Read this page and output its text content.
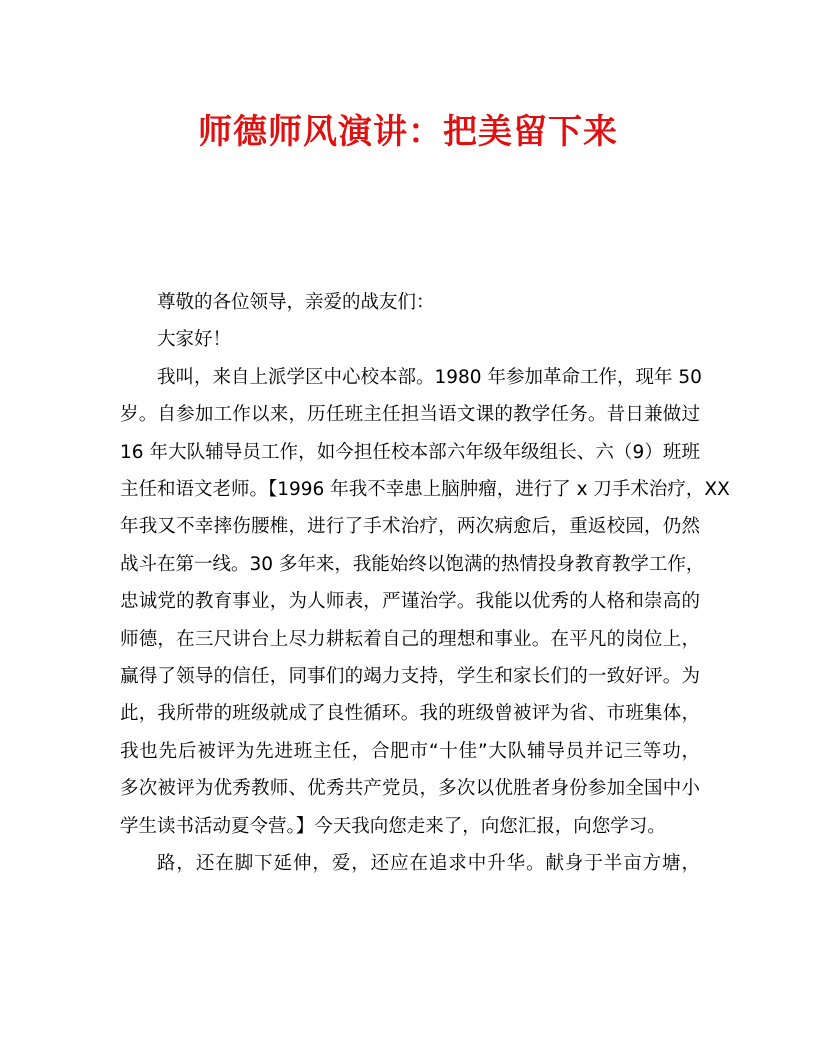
师德师风演讲：把美留下来
尊敬的各位领导，亲爱的战友们：
大家好！
我叫，来自上派学区中心校本部。1980 年参加革命工作，现年 50
岁。自参加工作以来，历任班主任担当语文课的教学任务。昔日兼做过
16 年大队辅导员工作，如今担任校本部六年级年级组长、六（9）班班
主任和语文老师。【1996 年我不幸患上脑肿瘤，进行了 x 刀手术治疗，XX
年我又不幸摔伤腰椎，进行了手术治疗，两次病愈后，重返校园，仍然
战斗在第一线。30 多年来，我能始终以饱满的热情投身教育教学工作，
忠诚党的教育事业，为人师表，严谨治学。我能以优秀的人格和崇高的
师德，在三尺讲台上尽力耕耘着自己的理想和事业。在平凡的岗位上，
赢得了领导的信任，同事们的竭力支持，学生和家长们的一致好评。为
此，我所带的班级就成了良性循环。我的班级曾被评为省、市班集体，
我也先后被评为先进班主任，合肥市“十佳”大队辅导员并记三等功，
多次被评为优秀教师、优秀共产党员，多次以优胜者身份参加全国中小
学生读书活动夏令营。】今天我向您走来了，向您汇报，向您学习。
路，还在脚下延伸，爱，还应在追求中升华。献身于半亩方塘，
